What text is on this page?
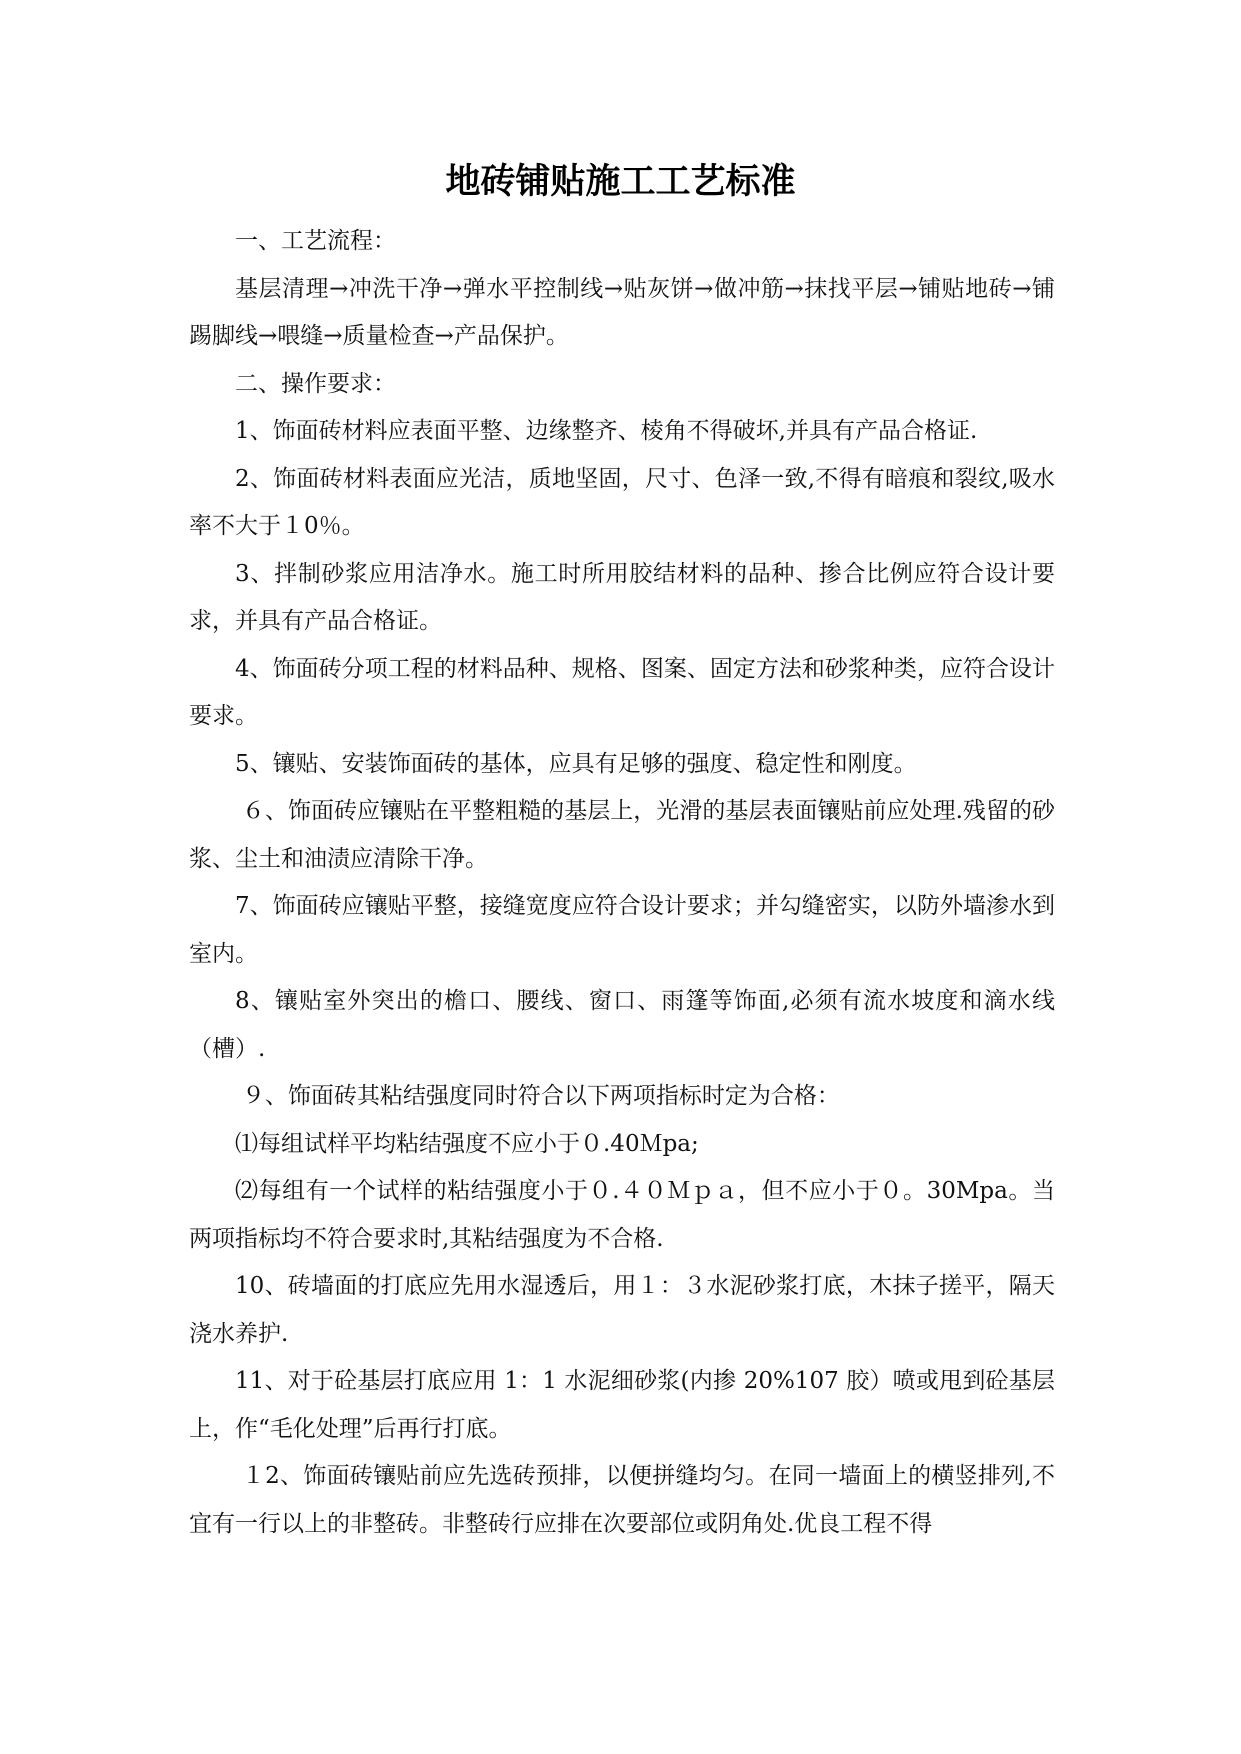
地砖铺贴施工工艺标准

一、工艺流程：

基层清理→冲洗干净→弹水平控制线→贴灰饼→做冲筋→抹找平层→铺贴地砖→铺踢脚线→喂缝→质量检查→产品保护。

二、操作要求：

1、饰面砖材料应表面平整、边缘整齐、棱角不得破坏,并具有产品合格证.

2、饰面砖材料表面应光洁，质地坚固，尺寸、色泽一致,不得有暗痕和裂纹,吸水率不大于１0％。

3、拌制砂浆应用洁净水。施工时所用胶结材料的品种、掺合比例应符合设计要求，并具有产品合格证。

4、饰面砖分项工程的材料品种、规格、图案、固定方法和砂浆种类，应符合设计要求。

5、镶贴、安装饰面砖的基体，应具有足够的强度、稳定性和刚度。

６、饰面砖应镶贴在平整粗糙的基层上，光滑的基层表面镶贴前应处理.残留的砂浆、尘土和油渍应清除干净。

7、饰面砖应镶贴平整，接缝宽度应符合设计要求；并勾缝密实，以防外墙渗水到室内。

8、镶贴室外突出的檐口、腰线、窗口、雨篷等饰面,必须有流水坡度和滴水线（槽）.

９、饰面砖其粘结强度同时符合以下两项指标时定为合格：

⑴每组试样平均粘结强度不应小于０.40Ｍpa;

⑵每组有一个试样的粘结强度小于０.４０Ｍｐａ，但不应小于０。30Mpa。当两项指标均不符合要求时,其粘结强度为不合格.

10、砖墙面的打底应先用水湿透后，用１：３水泥砂浆打底，木抹子搓平，隔天浇水养护.

11、对于砼基层打底应用 1：1 水泥细砂浆(内掺 20%107 胶）喷或甩到砼基层上，作“毛化处理”后再行打底。

１2、饰面砖镶贴前应先选砖预排，以便拼缝均匀。在同一墙面上的横竖排列,不宜有一行以上的非整砖。非整砖行应排在次要部位或阴角处.优良工程不得
